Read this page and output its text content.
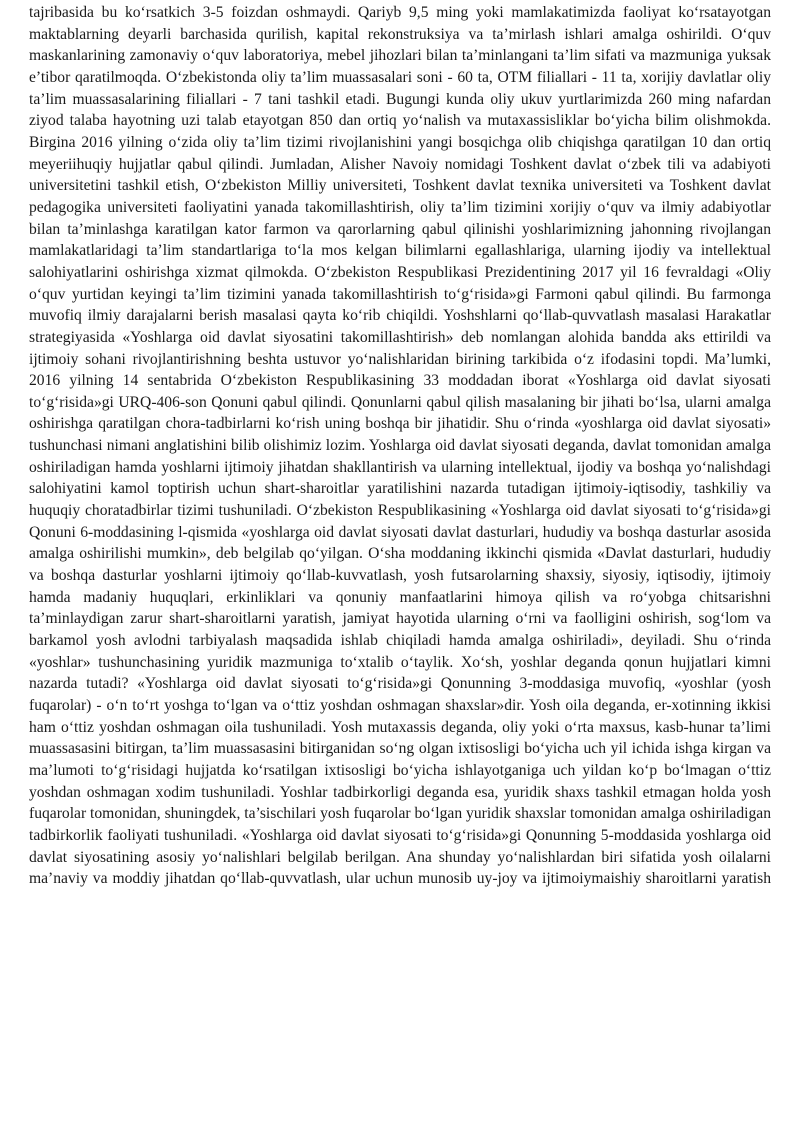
tajribasida bu ko‘rsatkich 3-5 foizdan oshmaydi. Qariyb 9,5 ming yoki mamlakatimizda faoliyat ko‘rsatayotgan maktablarning deyarli barchasida qurilish, kapital rekonstruksiya va ta’mirlash ishlari amalga oshirildi. O‘quv maskanlarining zamonaviy o‘quv laboratoriya, mebel jihozlari bilan ta’minlangani ta’lim sifati va mazmuniga yuksak e’tibor qaratilmoqda. O‘zbekistonda oliy ta’lim muassasalari soni - 60 ta, OTM filiallari - 11 ta, xorijiy davlatlar oliy ta’lim muassasalarining filiallari - 7 tani tashkil etadi. Bugungi kunda oliy ukuv yurtlarimizda 260 ming nafardan ziyod talaba hayotning uzi talab etayotgan 850 dan ortiq yo‘nalish va mutaxassisliklar bo‘yicha bilim olishmokda. Birgina 2016 yilning o‘zida oliy ta’lim tizimi rivojlanishini yangi bosqichga olib chiqishga qaratilgan 10 dan ortiq meyeriihuqiy hujjatlar qabul qilindi. Jumladan, Alisher Navoiy nomidagi Toshkent davlat o‘zbek tili va adabiyoti universitetini tashkil etish, O‘zbekiston Milliy universiteti, Toshkent davlat texnika universiteti va Toshkent davlat pedagogika universiteti faoliyatini yanada takomillashtirish, oliy ta’lim tizimini xorijiy o‘quv va ilmiy adabiyotlar bilan ta’minlashga karatilgan kator farmon va qarorlarning qabul qilinishi yoshlarimizning jahonning rivojlangan mamlakatlaridagi ta’lim standartlariga to‘la mos kelgan bilimlarni egallashlariga, ularning ijodiy va intellektual salohiyatlarini oshirishga xizmat qilmokda. O‘zbekiston Respublikasi Prezidentining 2017 yil 16 fevraldagi «Oliy o‘quv yurtidan keyingi ta’lim tizimini yanada takomillashtirish to‘g‘risida»gi Farmoni qabul qilindi. Bu farmonga muvofiq ilmiy darajalarni berish masalasi qayta ko‘rib chiqildi. Yoshshlarni qo‘llab-quvvatlash masalasi Harakatlar strategiyasida «Yoshlarga oid davlat siyosatini takomillashtirish» deb nomlangan alohida bandda aks ettirildi va ijtimoiy sohani rivojlantirishning beshta ustuvor yo‘nalishlaridan birining tarkibida o‘z ifodasini topdi. Ma’lumki, 2016 yilning 14 sentabrida O‘zbekiston Respublikasining 33 moddadan iborat «Yoshlarga oid davlat siyosati to‘g‘risida»gi URQ-406-son Qonuni qabul qilindi. Qonunlarni qabul qilish masalaning bir jihati bo‘lsa, ularni amalga oshirishga qaratilgan chora-tadbirlarni ko‘rish uning boshqa bir jihatidir. Shu o‘rinda «yoshlarga oid davlat siyosati» tushunchasi nimani anglatishini bilib olishimiz lozim. Yoshlarga oid davlat siyosati deganda, davlat tomonidan amalga oshiriladigan hamda yoshlarni ijtimoiy jihatdan shakllantirish va ularning intellektual, ijodiy va boshqa yo‘nalishdagi salohiyatini kamol toptirish uchun shart-sharoitlar yaratilishini nazarda tutadigan ijtimoiy-iqtisodiy, tashkiliy va huquqiy choratadbirlar tizimi tushuniladi. O‘zbekiston Respublikasining «Yoshlarga oid davlat siyosati to‘g‘risida»gi Qonuni 6-moddasining l-qismida «yoshlarga oid davlat siyosati davlat dasturlari, hududiy va boshqa dasturlar asosida amalga oshirilishi mumkin», deb belgilab qo‘yilgan. O‘sha moddaning ikkinchi qismida «Davlat dasturlari, hududiy va boshqa dasturlar yoshlarni ijtimoiy qo‘llab-kuvvatlash, yosh futsarolarning shaxsiy, siyosiy, iqtisodiy, ijtimoiy hamda madaniy huquqlari, erkinliklari va qonuniy manfaatlarini himoya qilish va ro‘yobga chitsarishni ta’minlaydigan zarur shart-sharoitlarni yaratish, jamiyat hayotida ularning o‘rni va faolligini oshirish, sog‘lom va barkamol yosh avlodni tarbiyalash maqsadida ishlab chiqiladi hamda amalga oshiriladi», deyiladi. Shu o‘rinda «yoshlar» tushunchasining yuridik mazmuniga to‘xtalib o‘taylik. Xo‘sh, yoshlar deganda qonun hujjatlari kimni nazarda tutadi? «Yoshlarga oid davlat siyosati to‘g‘risida»gi Qonunning 3-moddasiga muvofiq, «yoshlar (yosh fuqarolar) - o‘n to‘rt yoshga to‘lgan va o‘ttiz yoshdan oshmagan shaxslar»dir. Yosh oila deganda, er-xotinning ikkisi ham o‘ttiz yoshdan oshmagan oila tushuniladi. Yosh mutaxassis deganda, oliy yoki o‘rta maxsus, kasb-hunar ta’limi muassasasini bitirgan, ta’lim muassasasini bitirganidan so‘ng olgan ixtisosligi bo‘yicha uch yil ichida ishga kirgan va ma’lumoti to‘g‘risidagi hujjatda ko‘rsatilgan ixtisosligi bo‘yicha ishlayotganiga uch yildan ko‘p bo‘lmagan o‘ttiz yoshdan oshmagan xodim tushuniladi. Yoshlar tadbirkorligi deganda esa, yuridik shaxs tashkil etmagan holda yosh fuqarolar tomonidan, shuningdek, ta’sischilari yosh fuqarolar bo‘lgan yuridik shaxslar tomonidan amalga oshiriladigan tadbirkorlik faoliyati tushuniladi. «Yoshlarga oid davlat siyosati to‘g‘risida»gi Qonunning 5-moddasida yoshlarga oid davlat siyosatining asosiy yo‘nalishlari belgilab berilgan. Ana shunday yo‘nalishlardan biri sifatida yosh oilalarni ma’naviy va moddiy jihatdan qo‘llab-quvvatlash, ular uchun munosib uy-joy va ijtimoiymaishiy sharoitlarni yaratish
